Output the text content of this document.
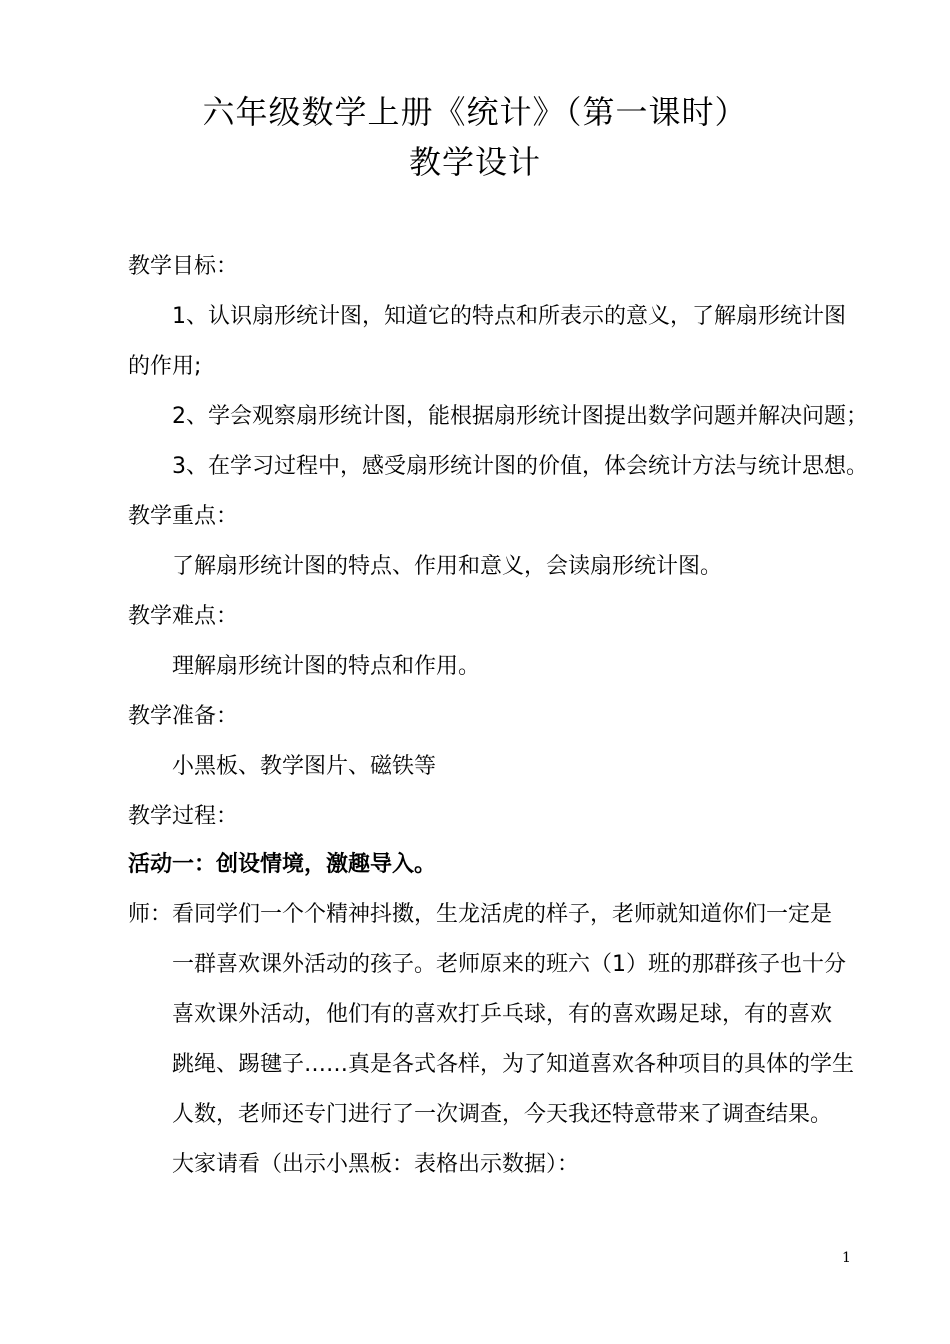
六年级数学上册《统计》（第一课时）
教学设计
教学目标：
1、认识扇形统计图，知道它的特点和所表示的意义，了解扇形统计图
的作用;
2、学会观察扇形统计图，能根据扇形统计图提出数学问题并解决问题；
3、在学习过程中，感受扇形统计图的价值，体会统计方法与统计思想。
教学重点：
了解扇形统计图的特点、作用和意义，会读扇形统计图。
教学难点：
理解扇形统计图的特点和作用。
教学准备：
小黑板、教学图片、磁铁等
教学过程：
活动一：创设情境，激趣导入。
师：看同学们一个个精神抖擞，生龙活虎的样子，老师就知道你们一定是
一群喜欢课外活动的孩子。老师原来的班六（1）班的那群孩子也十分
喜欢课外活动，他们有的喜欢打乒乓球，有的喜欢踢足球，有的喜欢
跳绳、踢毽子……真是各式各样，为了知道喜欢各种项目的具体的学生
人数，老师还专门进行了一次调查，今天我还特意带来了调查结果。
大家请看（出示小黑板：表格出示数据）：
1
